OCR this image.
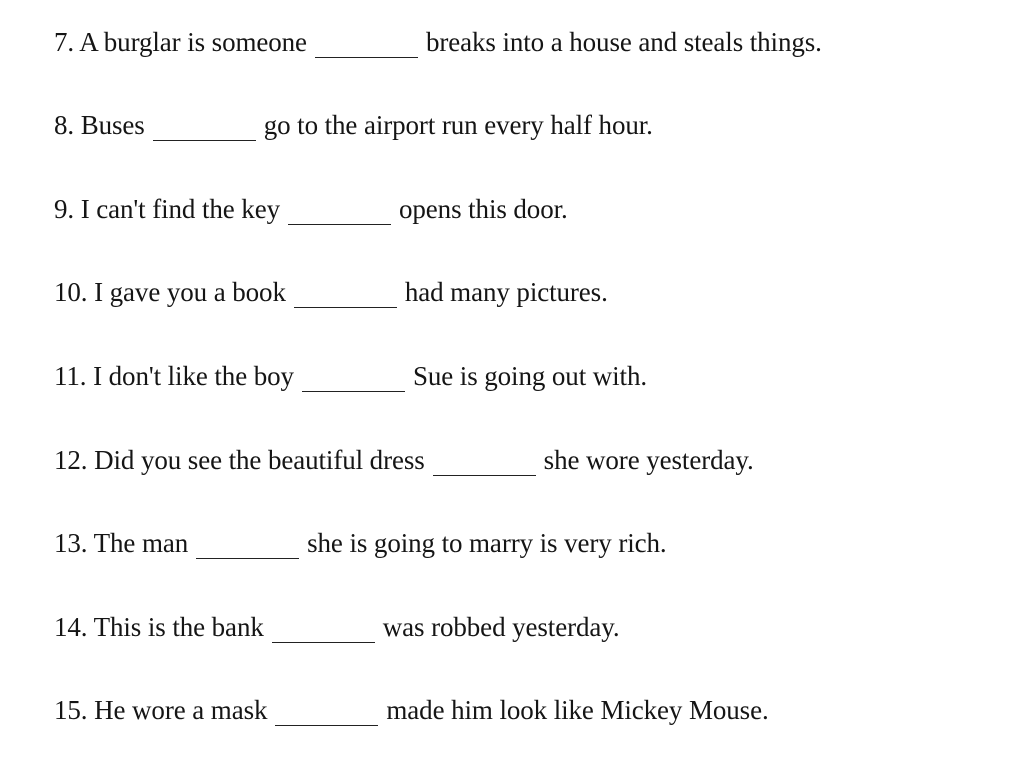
7. A burglar is someone	breaks into a house and steals things.
8. Buses	go to the airport run every half hour.
9. I can't find the key	opens this door.
10. I gave you a book	had many pictures.
11. I don't like the boy	Sue is going out with.
12. Did you see the beautiful dress	she wore yesterday.
13. The man	she is going to marry is very rich.
14. This is the bank	was robbed yesterday.
15. He wore a mask	made him look like Mickey Mouse.
